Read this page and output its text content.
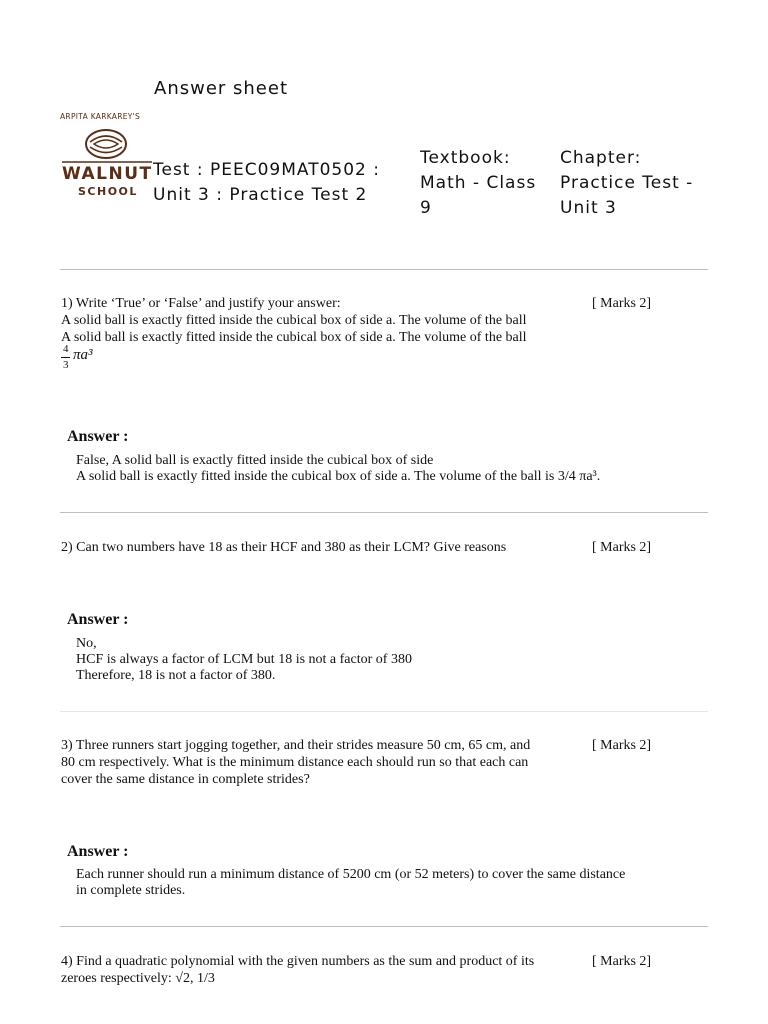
Answer sheet
ARPITA KARKAREY'S
WALNUT
SCHOOL
Test : PEEC09MAT0502 :
Unit 3 : Practice Test 2
Textbook:
Math - Class
9
Chapter:
Practice Test -
Unit 3
1) Write ‘True’ or ‘False’ and justify your answer:
A solid ball is exactly fitted inside the cubical box of side a. The volume of the ball
A solid ball is exactly fitted inside the cubical box of side a. The volume of the ball
[ Marks 2]
4
3
πa³
Answer :
False, A solid ball is exactly fitted inside the cubical box of side
A solid ball is exactly fitted inside the cubical box of side a. The volume of the ball is 3/4 πa³.
2) Can two numbers have 18 as their HCF and 380 as their LCM? Give reasons	[ Marks 2]
Answer :
No,
HCF is always a factor of LCM but 18 is not a factor of 380
Therefore, 18 is not a factor of 380.
3) Three runners start jogging together, and their strides measure 50 cm, 65 cm, and
80 cm respectively. What is the minimum distance each should run so that each can
cover the same distance in complete strides?
[ Marks 2]
Answer :
Each runner should run a minimum distance of 5200 cm (or 52 meters) to cover the same distance
in complete strides.
4) Find a quadratic polynomial with the given numbers as the sum and product of its
zeroes respectively: √2, 1/3
[ Marks 2]
